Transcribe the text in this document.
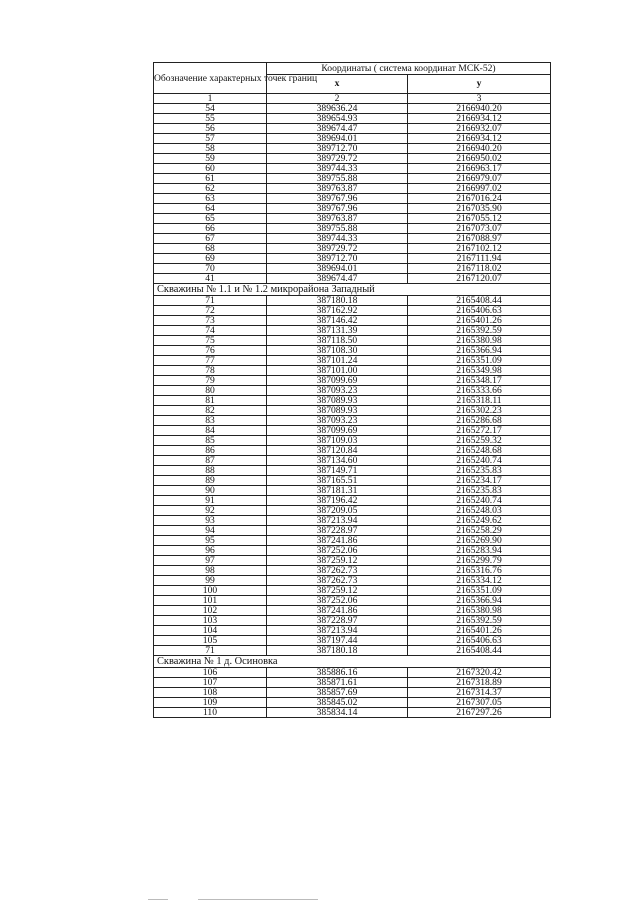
Обозначение характерных точек границ	Координаты ( система координат МСК-52)	
	x	y
1	2	3
54	389636.24	2166940.20
55	389654.93	2166934.12
56	389674.47	2166932.07
57	389694.01	2166934.12
58	389712.70	2166940.20
59	389729.72	2166950.02
60	389744.33	2166963.17
61	389755.88	2166979.07
62	389763.87	2166997.02
63	389767.96	2167016.24
64	389767.96	2167035.90
65	389763.87	2167055.12
66	389755.88	2167073.07
67	389744.33	2167088.97
68	389729.72	2167102.12
69	389712.70	2167111.94
70	389694.01	2167118.02
41	389674.47	2167120.07
Скважины № 1.1 и № 1.2 микрорайона Западный		
71	387180.18	2165408.44
72	387162.92	2165406.63
73	387146.42	2165401.26
74	387131.39	2165392.59
75	387118.50	2165380.98
76	387108.30	2165366.94
77	387101.24	2165351.09
78	387101.00	2165349.98
79	387099.69	2165348.17
80	387093.23	2165333.66
81	387089.93	2165318.11
82	387089.93	2165302.23
83	387093.23	2165286.68
84	387099.69	2165272.17
85	387109.03	2165259.32
86	387120.84	2165248.68
87	387134.60	2165240.74
88	387149.71	2165235.83
89	387165.51	2165234.17
90	387181.31	2165235.83
91	387196.42	2165240.74
92	387209.05	2165248.03
93	387213.94	2165249.62
94	387228.97	2165258.29
95	387241.86	2165269.90
96	387252.06	2165283.94
97	387259.12	2165299.79
98	387262.73	2165316.76
99	387262.73	2165334.12
100	387259.12	2165351.09
101	387252.06	2165366.94
102	387241.86	2165380.98
103	387228.97	2165392.59
104	387213.94	2165401.26
105	387197.44	2165406.63
71	387180.18	2165408.44
Скважина № 1 д. Осиновка		
106	385886.16	2167320.42
107	385871.61	2167318.89
108	385857.69	2167314.37
109	385845.02	2167307.05
110	385834.14	2167297.26
